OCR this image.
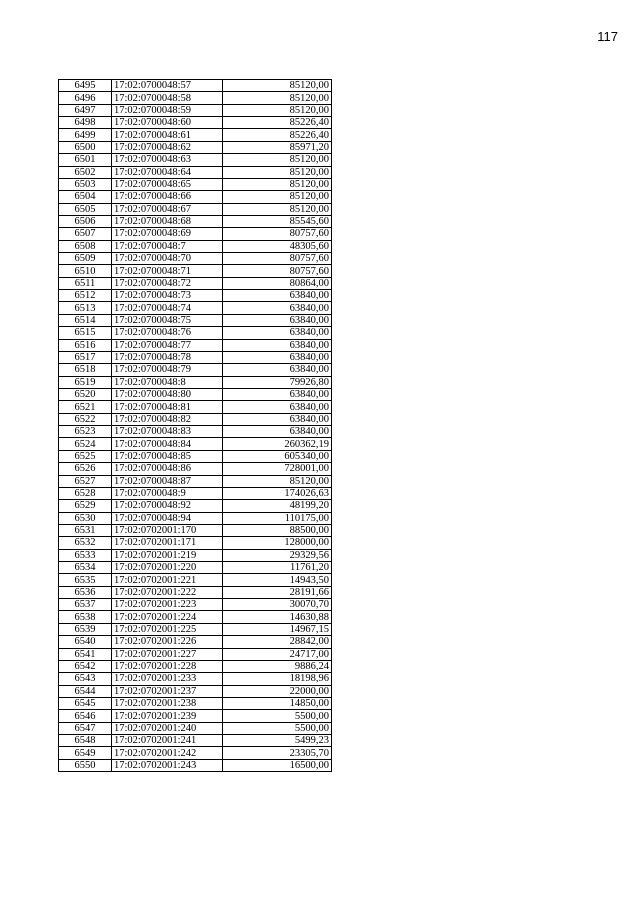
117
6495	17:02:0700048:57	85120,00
6496	17:02:0700048:58	85120,00
6497	17:02:0700048:59	85120,00
6498	17:02:0700048:60	85226,40
6499	17:02:0700048:61	85226,40
6500	17:02:0700048:62	85971,20
6501	17:02:0700048:63	85120,00
6502	17:02:0700048:64	85120,00
6503	17:02:0700048:65	85120,00
6504	17:02:0700048:66	85120,00
6505	17:02:0700048:67	85120,00
6506	17:02:0700048:68	85545,60
6507	17:02:0700048:69	80757,60
6508	17:02:0700048:7	48305,60
6509	17:02:0700048:70	80757,60
6510	17:02:0700048:71	80757,60
6511	17:02:0700048:72	80864,00
6512	17:02:0700048:73	63840,00
6513	17:02:0700048:74	63840,00
6514	17:02:0700048:75	63840,00
6515	17:02:0700048:76	63840,00
6516	17:02:0700048:77	63840,00
6517	17:02:0700048:78	63840,00
6518	17:02:0700048:79	63840,00
6519	17:02:0700048:8	79926,80
6520	17:02:0700048:80	63840,00
6521	17:02:0700048:81	63840,00
6522	17:02:0700048:82	63840,00
6523	17:02:0700048:83	63840,00
6524	17:02:0700048:84	260362,19
6525	17:02:0700048:85	605340,00
6526	17:02:0700048:86	728001,00
6527	17:02:0700048:87	85120,00
6528	17:02:0700048:9	174026,63
6529	17:02:0700048:92	48199,20
6530	17:02:0700048:94	110175,00
6531	17:02:0702001:170	88500,00
6532	17:02:0702001:171	128000,00
6533	17:02:0702001:219	29329,56
6534	17:02:0702001:220	11761,20
6535	17:02:0702001:221	14943,50
6536	17:02:0702001:222	28191,66
6537	17:02:0702001:223	30070,70
6538	17:02:0702001:224	14630,88
6539	17:02:0702001:225	14967,15
6540	17:02:0702001:226	28842,00
6541	17:02:0702001:227	24717,00
6542	17:02:0702001:228	9886,24
6543	17:02:0702001:233	18198,96
6544	17:02:0702001:237	22000,00
6545	17:02:0702001:238	14850,00
6546	17:02:0702001:239	5500,00
6547	17:02:0702001:240	5500,00
6548	17:02:0702001:241	5499,23
6549	17:02:0702001:242	23305,70
6550	17:02:0702001:243	16500,00
